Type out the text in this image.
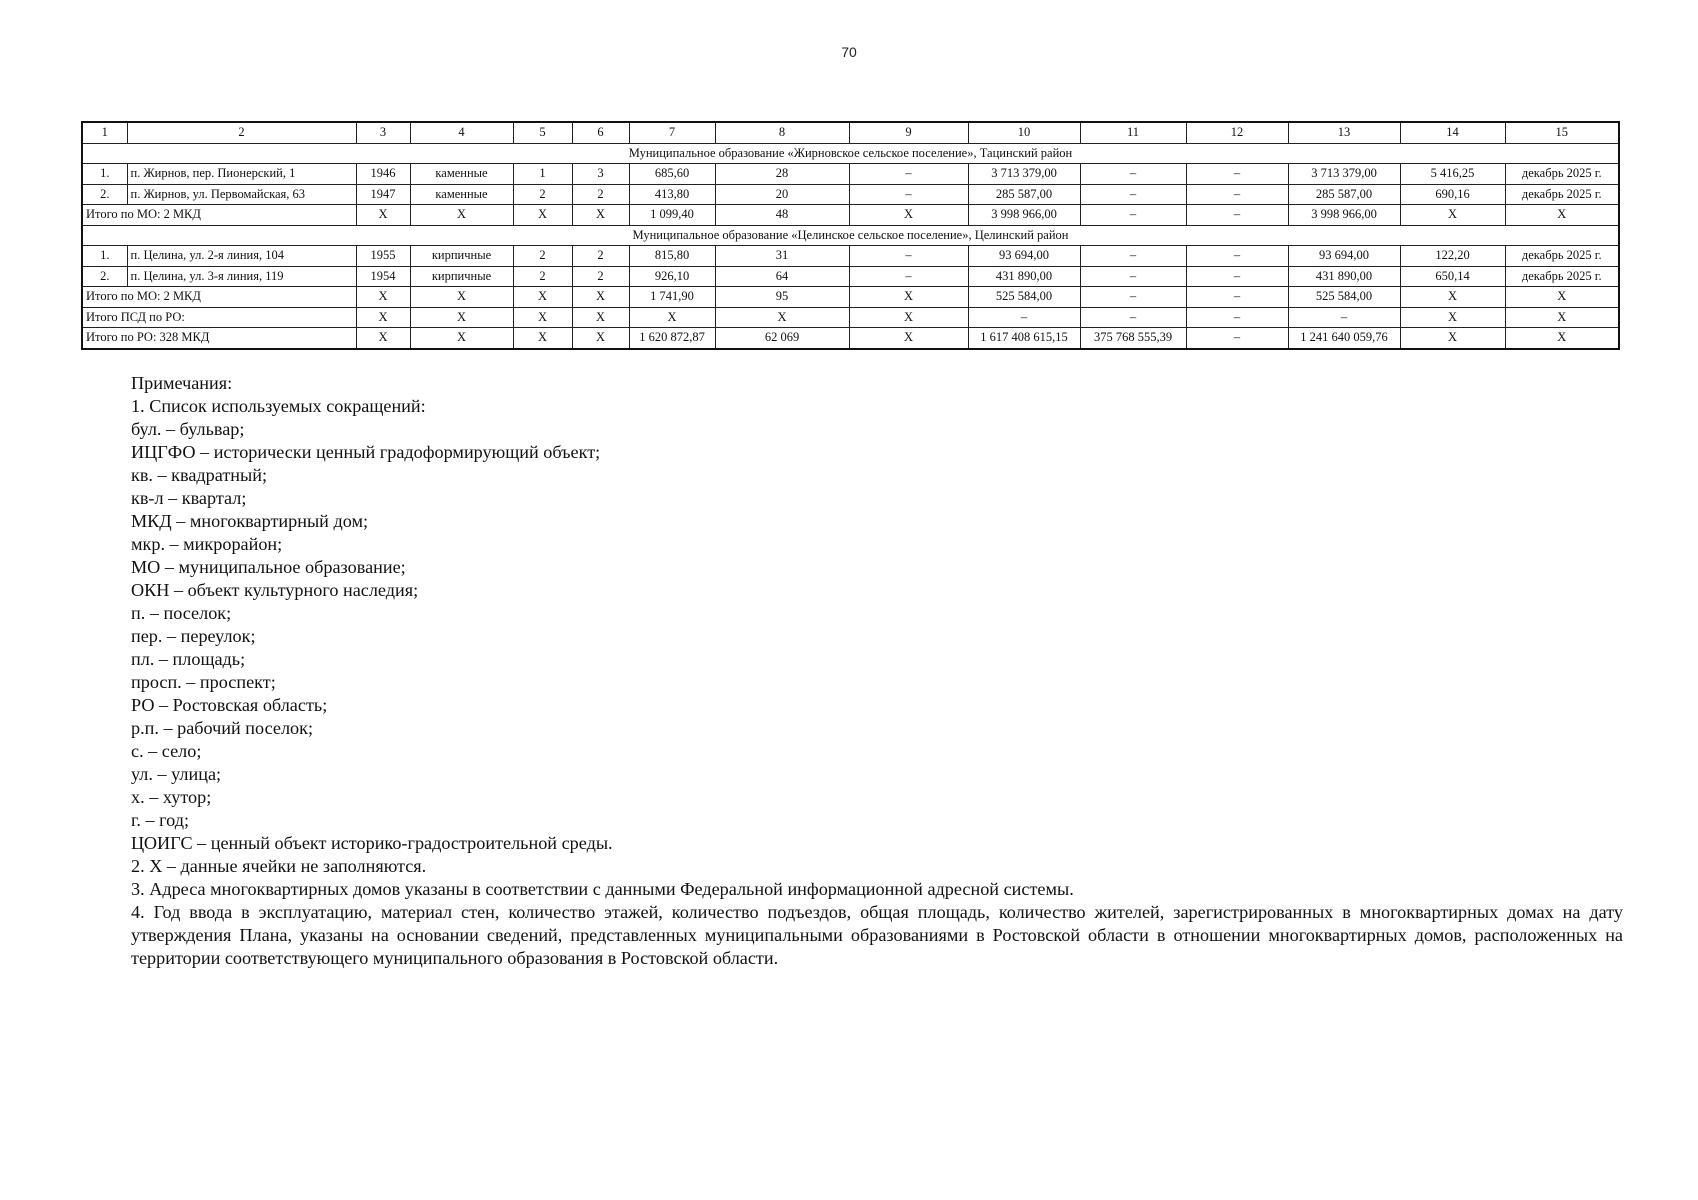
70
1	2	3	4	5	6	7	8	9	10	11	12	13	14	15
Муниципальное образование «Жирновское сельское поселение», Тацинский район														
1.	п. Жирнов, пер. Пионерский, 1	1946	каменные	1	3	685,60	28	–	3 713 379,00	–	–	3 713 379,00	5 416,25	декабрь 2025 г.
2.	п. Жирнов, ул. Первомайская, 63	1947	каменные	2	2	413,80	20	–	285 587,00	–	–	285 587,00	690,16	декабрь 2025 г.
Итого по МО: 2 МКД		X	X	X	X	1 099,40	48	X	3 998 966,00	–	–	3 998 966,00	X	X
Муниципальное образование «Целинское сельское поселение», Целинский район														
1.	п. Целина, ул. 2-я линия, 104	1955	кирпичные	2	2	815,80	31	–	93 694,00	–	–	93 694,00	122,20	декабрь 2025 г.
2.	п. Целина, ул. 3-я линия, 119	1954	кирпичные	2	2	926,10	64	–	431 890,00	–	–	431 890,00	650,14	декабрь 2025 г.
Итого по МО: 2 МКД		X	X	X	X	1 741,90	95	X	525 584,00	–	–	525 584,00	X	X
Итого ПСД по РО:		X	X	X	X	X	X	X	–	–	–	–	X	X
Итого по РО: 328 МКД		X	X	X	X	1 620 872,87	62 069	X	1 617 408 615,15	375 768 555,39	–	1 241 640 059,76	X	X
Примечания:
1. Список используемых сокращений:
бул. – бульвар;
ИЦГФО – исторически ценный градоформирующий объект;
кв. – квадратный;
кв-л – квартал;
МКД – многоквартирный дом;
мкр. – микрорайон;
МО – муниципальное образование;
ОКН – объект культурного наследия;
п. – поселок;
пер. – переулок;
пл. – площадь;
просп. – проспект;
РО – Ростовская область;
р.п. – рабочий поселок;
с. – село;
ул. – улица;
х. – хутор;
г. – год;
ЦОИГС – ценный объект историко-градостроительной среды.
2. X – данные ячейки не заполняются.
3. Адреса многоквартирных домов указаны в соответствии с данными Федеральной информационной адресной системы.
4. Год ввода в эксплуатацию, материал стен, количество этажей, количество подъездов, общая площадь, количество жителей, зарегистрированных в многоквартирных домах на дату утверждения Плана, указаны на основании сведений, представленных муниципальными образованиями в Ростовской области в отношении многоквартирных домов, расположенных на территории соответствующего муниципального образования в Ростовской области.
